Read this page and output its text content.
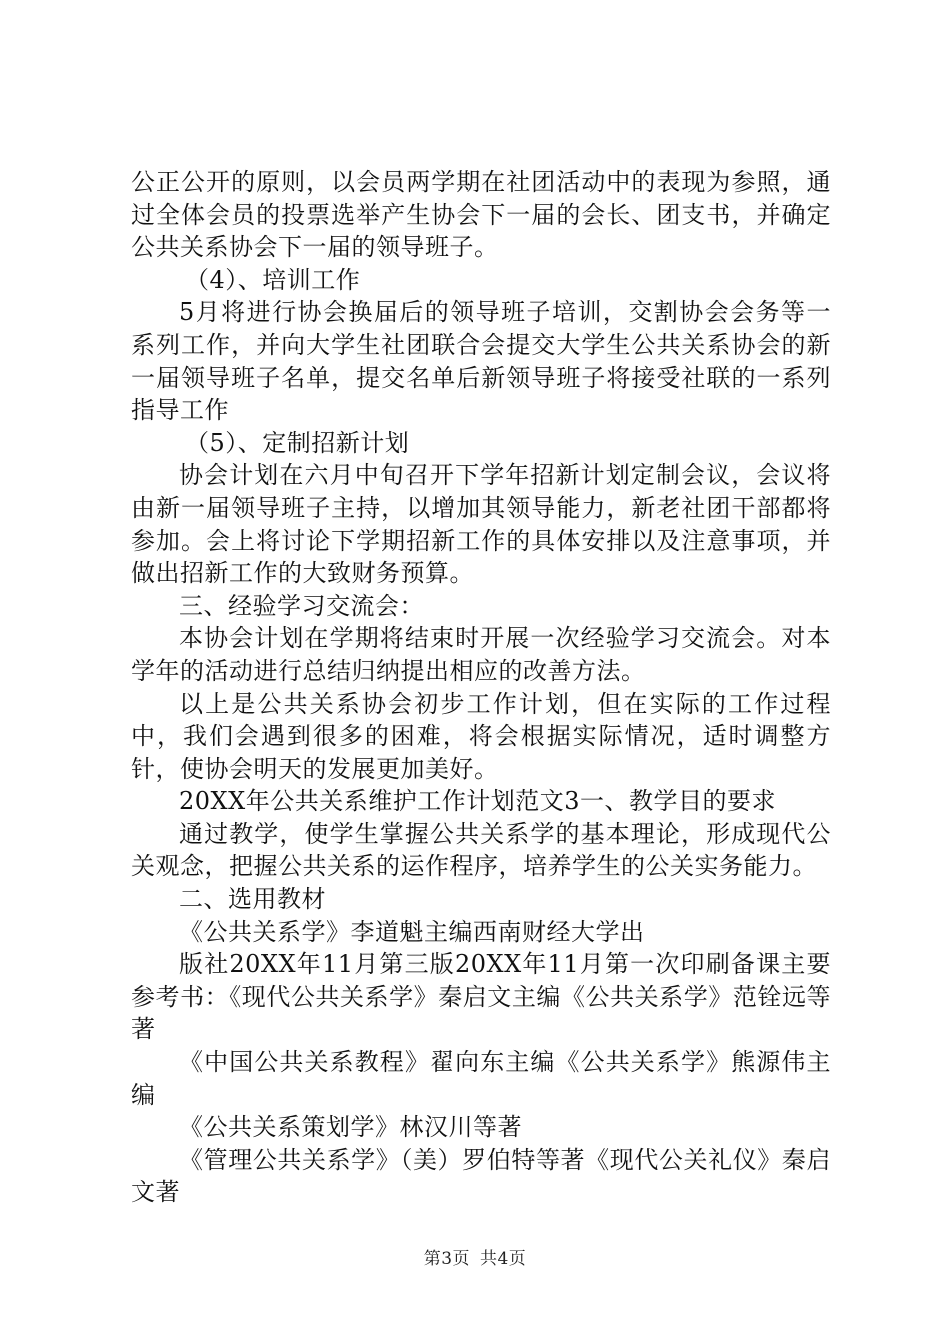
公正公开的原则，以会员两学期在社团活动中的表现为参照，通过全体会员的投票选举产生协会下一届的会长、团支书，并确定公共关系协会下一届的领导班子。

（4）、培训工作

5月将进行协会换届后的领导班子培训，交割协会会务等一系列工作，并向大学生社团联合会提交大学生公共关系协会的新一届领导班子名单，提交名单后新领导班子将接受社联的一系列指导工作

（5）、定制招新计划

协会计划在六月中旬召开下学年招新计划定制会议，会议将由新一届领导班子主持，以增加其领导能力，新老社团干部都将参加。会上将讨论下学期招新工作的具体安排以及注意事项，并做出招新工作的大致财务预算。

三、经验学习交流会：

本协会计划在学期将结束时开展一次经验学习交流会。对本学年的活动进行总结归纳提出相应的改善方法。

以上是公共关系协会初步工作计划，但在实际的工作过程中，我们会遇到很多的困难，将会根据实际情况，适时调整方针，使协会明天的发展更加美好。

20XX年公共关系维护工作计划范文3一、教学目的要求

通过教学，使学生掌握公共关系学的基本理论，形成现代公关观念，把握公共关系的运作程序，培养学生的公关实务能力。

二、选用教材

《公共关系学》李道魁主编西南财经大学出

版社20XX年11月第三版20XX年11月第一次印刷备课主要参考书：《现代公共关系学》秦启文主编《公共关系学》范铨远等著

《中国公共关系教程》翟向东主编《公共关系学》熊源伟主编

《公共关系策划学》林汉川等著

《管理公共关系学》（美）罗伯特等著《现代公关礼仪》秦启文著

第3页 共4页
